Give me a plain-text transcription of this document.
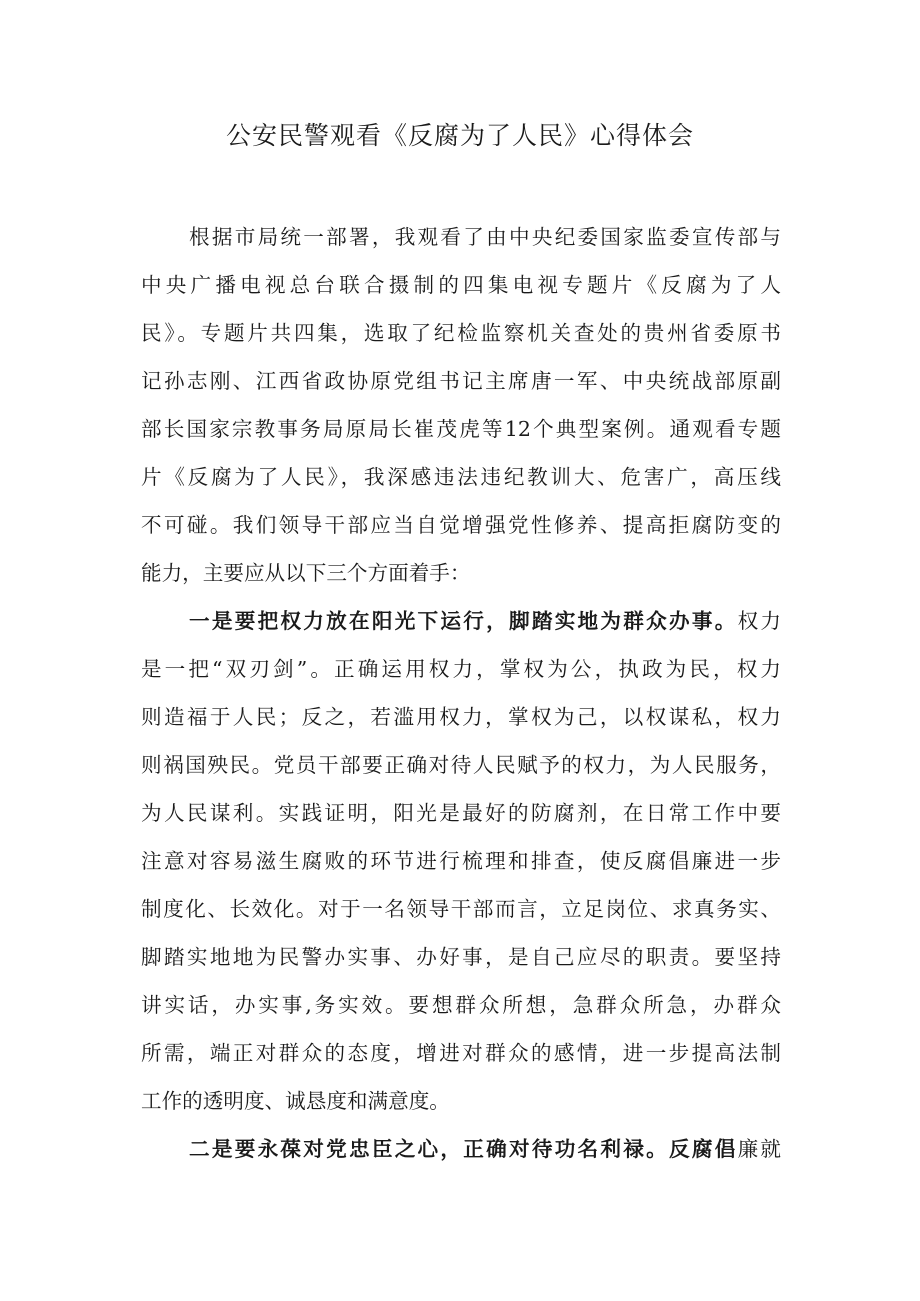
公安民警观看《反腐为了人民》心得体会
根据市局统一部署，我观看了由中央纪委国家监委宣传部与
中央广播电视总台联合摄制的四集电视专题片《反腐为了人
民》。专题片共四集，选取了纪检监察机关查处的贵州省委原书
记孙志刚、江西省政协原党组书记主席唐一军、中央统战部原副
部长国家宗教事务局原局长崔茂虎等12个典型案例。通观看专题
片《反腐为了人民》，我深感违法违纪教训大、危害广，高压线
不可碰。我们领导干部应当自觉增强党性修养、提高拒腐防变的
能力，主要应从以下三个方面着手：
一是要把权力放在阳光下运行，脚踏实地为群众办事。权力
是一把“双刃剑”。正确运用权力，掌权为公，执政为民，权力
则造福于人民；反之，若滥用权力，掌权为己，以权谋私，权力
则祸国殃民。党员干部要正确对待人民赋予的权力，为人民服务，
为人民谋利。实践证明，阳光是最好的防腐剂，在日常工作中要
注意对容易滋生腐败的环节进行梳理和排查，使反腐倡廉进一步
制度化、长效化。对于一名领导干部而言，立足岗位、求真务实、
脚踏实地地为民警办实事、办好事，是自己应尽的职责。要坚持
讲实话，办实事,务实效。要想群众所想，急群众所急，办群众
所需，端正对群众的态度，增进对群众的感情，进一步提高法制
工作的透明度、诚恳度和满意度。
二是要永葆对党忠臣之心，正确对待功名利禄。反腐倡廉就
